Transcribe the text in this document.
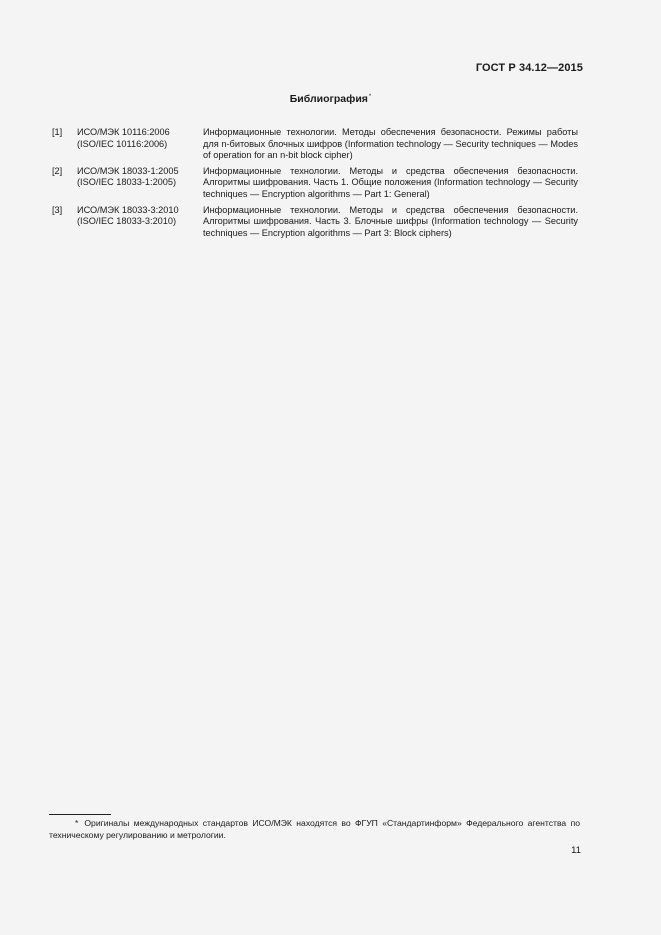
ГОСТ Р 34.12—2015
Библиография*
[1]	ИСО/МЭК 10116:2006
(ISO/IEC 10116:2006)
Информационные технологии. Методы обеспечения безопасности. Режимы работы для n-битовых блочных шифров (Information technology — Security techniques — Modes of operation for an n-bit block cipher)
[2]	ИСО/МЭК 18033-1:2005
(ISO/IEC 18033-1:2005)
Информационные технологии. Методы и средства обеспечения безопасности. Алгоритмы шифрования. Часть 1. Общие положения (Information technology — Security techniques — Encryption algorithms — Part 1: General)
[3]	ИСО/МЭК 18033-3:2010
(ISO/IEC 18033-3:2010)
Информационные технологии. Методы и средства обеспечения безопасности. Алгоритмы шифрования. Часть 3. Блочные шифры (Information technology — Security techniques — Encryption algorithms — Part 3: Block ciphers)
* Оригиналы международных стандартов ИСО/МЭК находятся во ФГУП «Стандартинформ» Федерального агентства по техническому регулированию и метрологии.
11
